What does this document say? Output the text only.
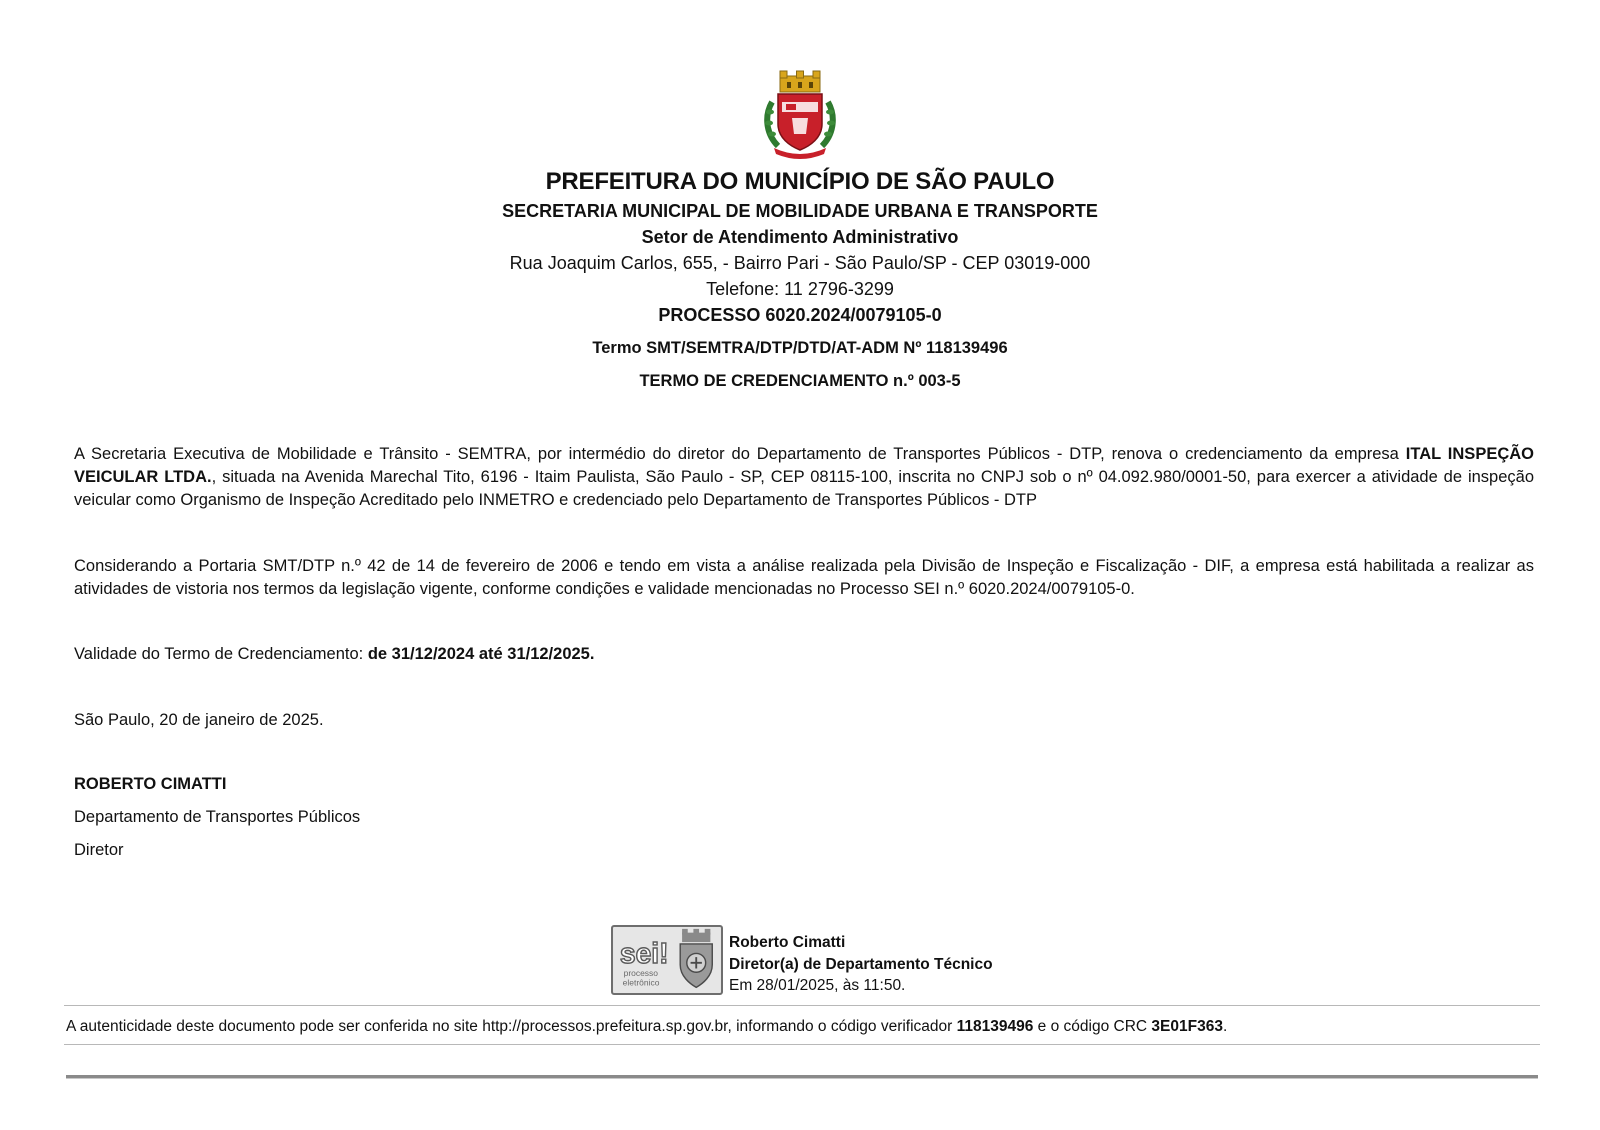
PREFEITURA DO MUNICÍPIO DE SÃO PAULO

SECRETARIA MUNICIPAL DE MOBILIDADE URBANA E TRANSPORTE

Setor de Atendimento Administrativo

Rua Joaquim Carlos, 655, - Bairro Pari - São Paulo/SP - CEP 03019-000

Telefone: 11 2796-3299

PROCESSO 6020.2024/0079105-0

Termo SMT/SEMTRA/DTP/DTD/AT-ADM Nº 118139496

TERMO DE CREDENCIAMENTO n.º 003-5

A Secretaria Executiva de Mobilidade e Trânsito - SEMTRA, por intermédio do diretor do Departamento de Transportes Públicos - DTP, renova o credenciamento da empresa ITAL INSPEÇÃO VEICULAR LTDA., situada na Avenida Marechal Tito, 6196 - Itaim Paulista, São Paulo - SP, CEP 08115-100, inscrita no CNPJ sob o nº 04.092.980/0001-50, para exercer a atividade de inspeção veicular como Organismo de Inspeção Acreditado pelo INMETRO e credenciado pelo Departamento de Transportes Públicos - DTP

Considerando a Portaria SMT/DTP n.º 42 de 14 de fevereiro de 2006 e tendo em vista a análise realizada pela Divisão de Inspeção e Fiscalização - DIF, a empresa está habilitada a realizar as atividades de vistoria nos termos da legislação vigente, conforme condições e validade mencionadas no Processo SEI n.º 6020.2024/0079105-0.

Validade do Termo de Credenciamento: de 31/12/2024 até 31/12/2025.

São Paulo, 20 de janeiro de 2025.

ROBERTO CIMATTI

Departamento de Transportes Públicos

Diretor

sei!
processo
eletrônico
Roberto Cimatti
Diretor(a) de Departamento Técnico
Em 28/01/2025, às 11:50.

A autenticidade deste documento pode ser conferida no site http://processos.prefeitura.sp.gov.br, informando o código verificador 118139496 e o código CRC 3E01F363.
